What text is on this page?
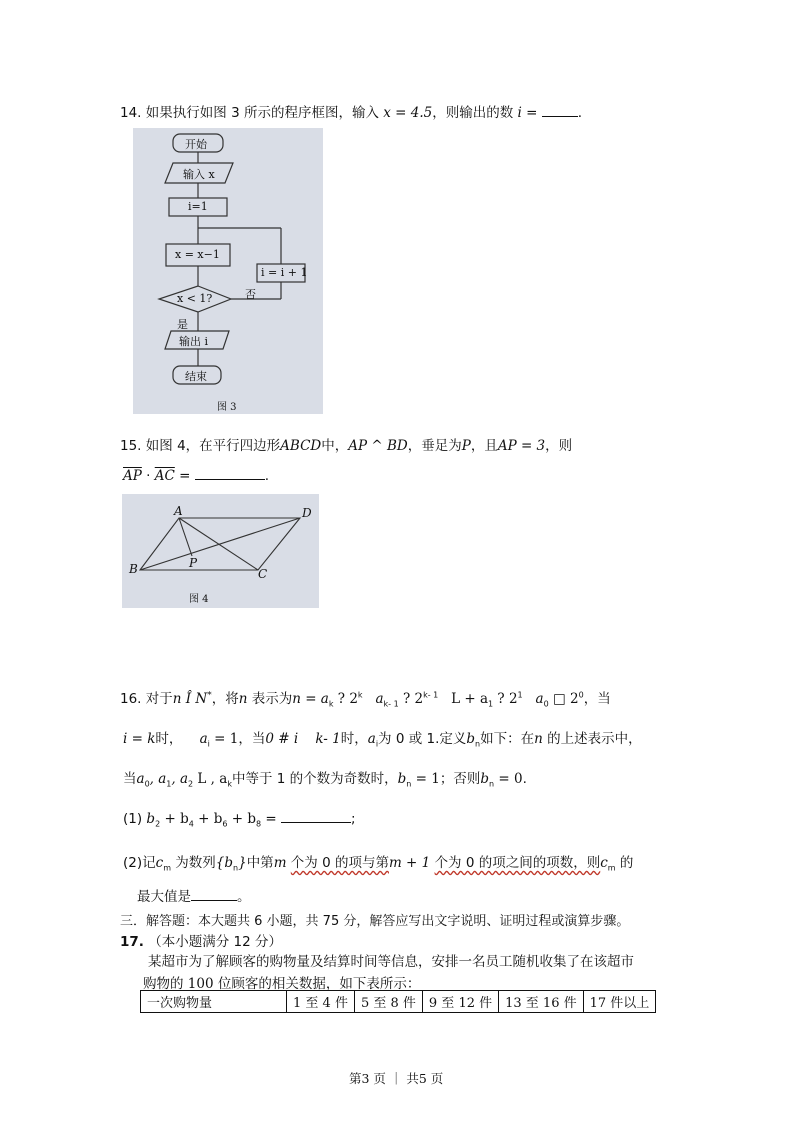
14. 如果执行如图 3 所示的程序框图，输入 x = 4.5，则输出的数 i =	.
开始
输入 x
i=1
x = x−1
i = i + 1
x < 1?	否
是
输出 i
结束
图 3
15. 如图 4，在平行四边形ABCD中，AP ^ BD，垂足为P，且AP = 3，则
$\overline{AP} \cdot \overline{AC}$ =	.
A	D
B	C
P
图 4
16. 对于n Î N*，将n 表示为$n = a_k$ ? 2$^k$ $a_{k- 1}$ ? 2$^{k- 1}$ $L + a_1$ ? $2^1$ $a_0$ □ $2^0$，当
i = k时， $a_i = 1$，当0 # i k- 1时，$a_i$为 0 或 1.定义$b_n$如下：在n 的上述表示中，
当$a_0$, $a_1$, $a_2$ L , $a_k$中等于 1 的个数为奇数时，$b_n = 1$；否则$b_n = 0$.
(1) $b_2 + b_4 + b_6 + b_8$ =	;
(2)记$c_m$ 为数列$\{b_n\}$中第m 个为 0 的项与第m + 1 个为 0 的项之间的项数，则$c_m$ 的
最大值是	。
三．解答题：本大题共 6 小题，共 75 分，解答应写出文字说明、证明过程或演算步骤。
17. （本小题满分 12 分）
某超市为了解顾客的购物量及结算时间等信息，安排一名员工随机收集了在该超市
购物的 100 位顾客的相关数据，如下表所示：
一次购物量	1 至 4 件	5 至 8 件	9 至 12 件	13 至 16 件	17 件以上
第3 页 ｜ 共5 页
